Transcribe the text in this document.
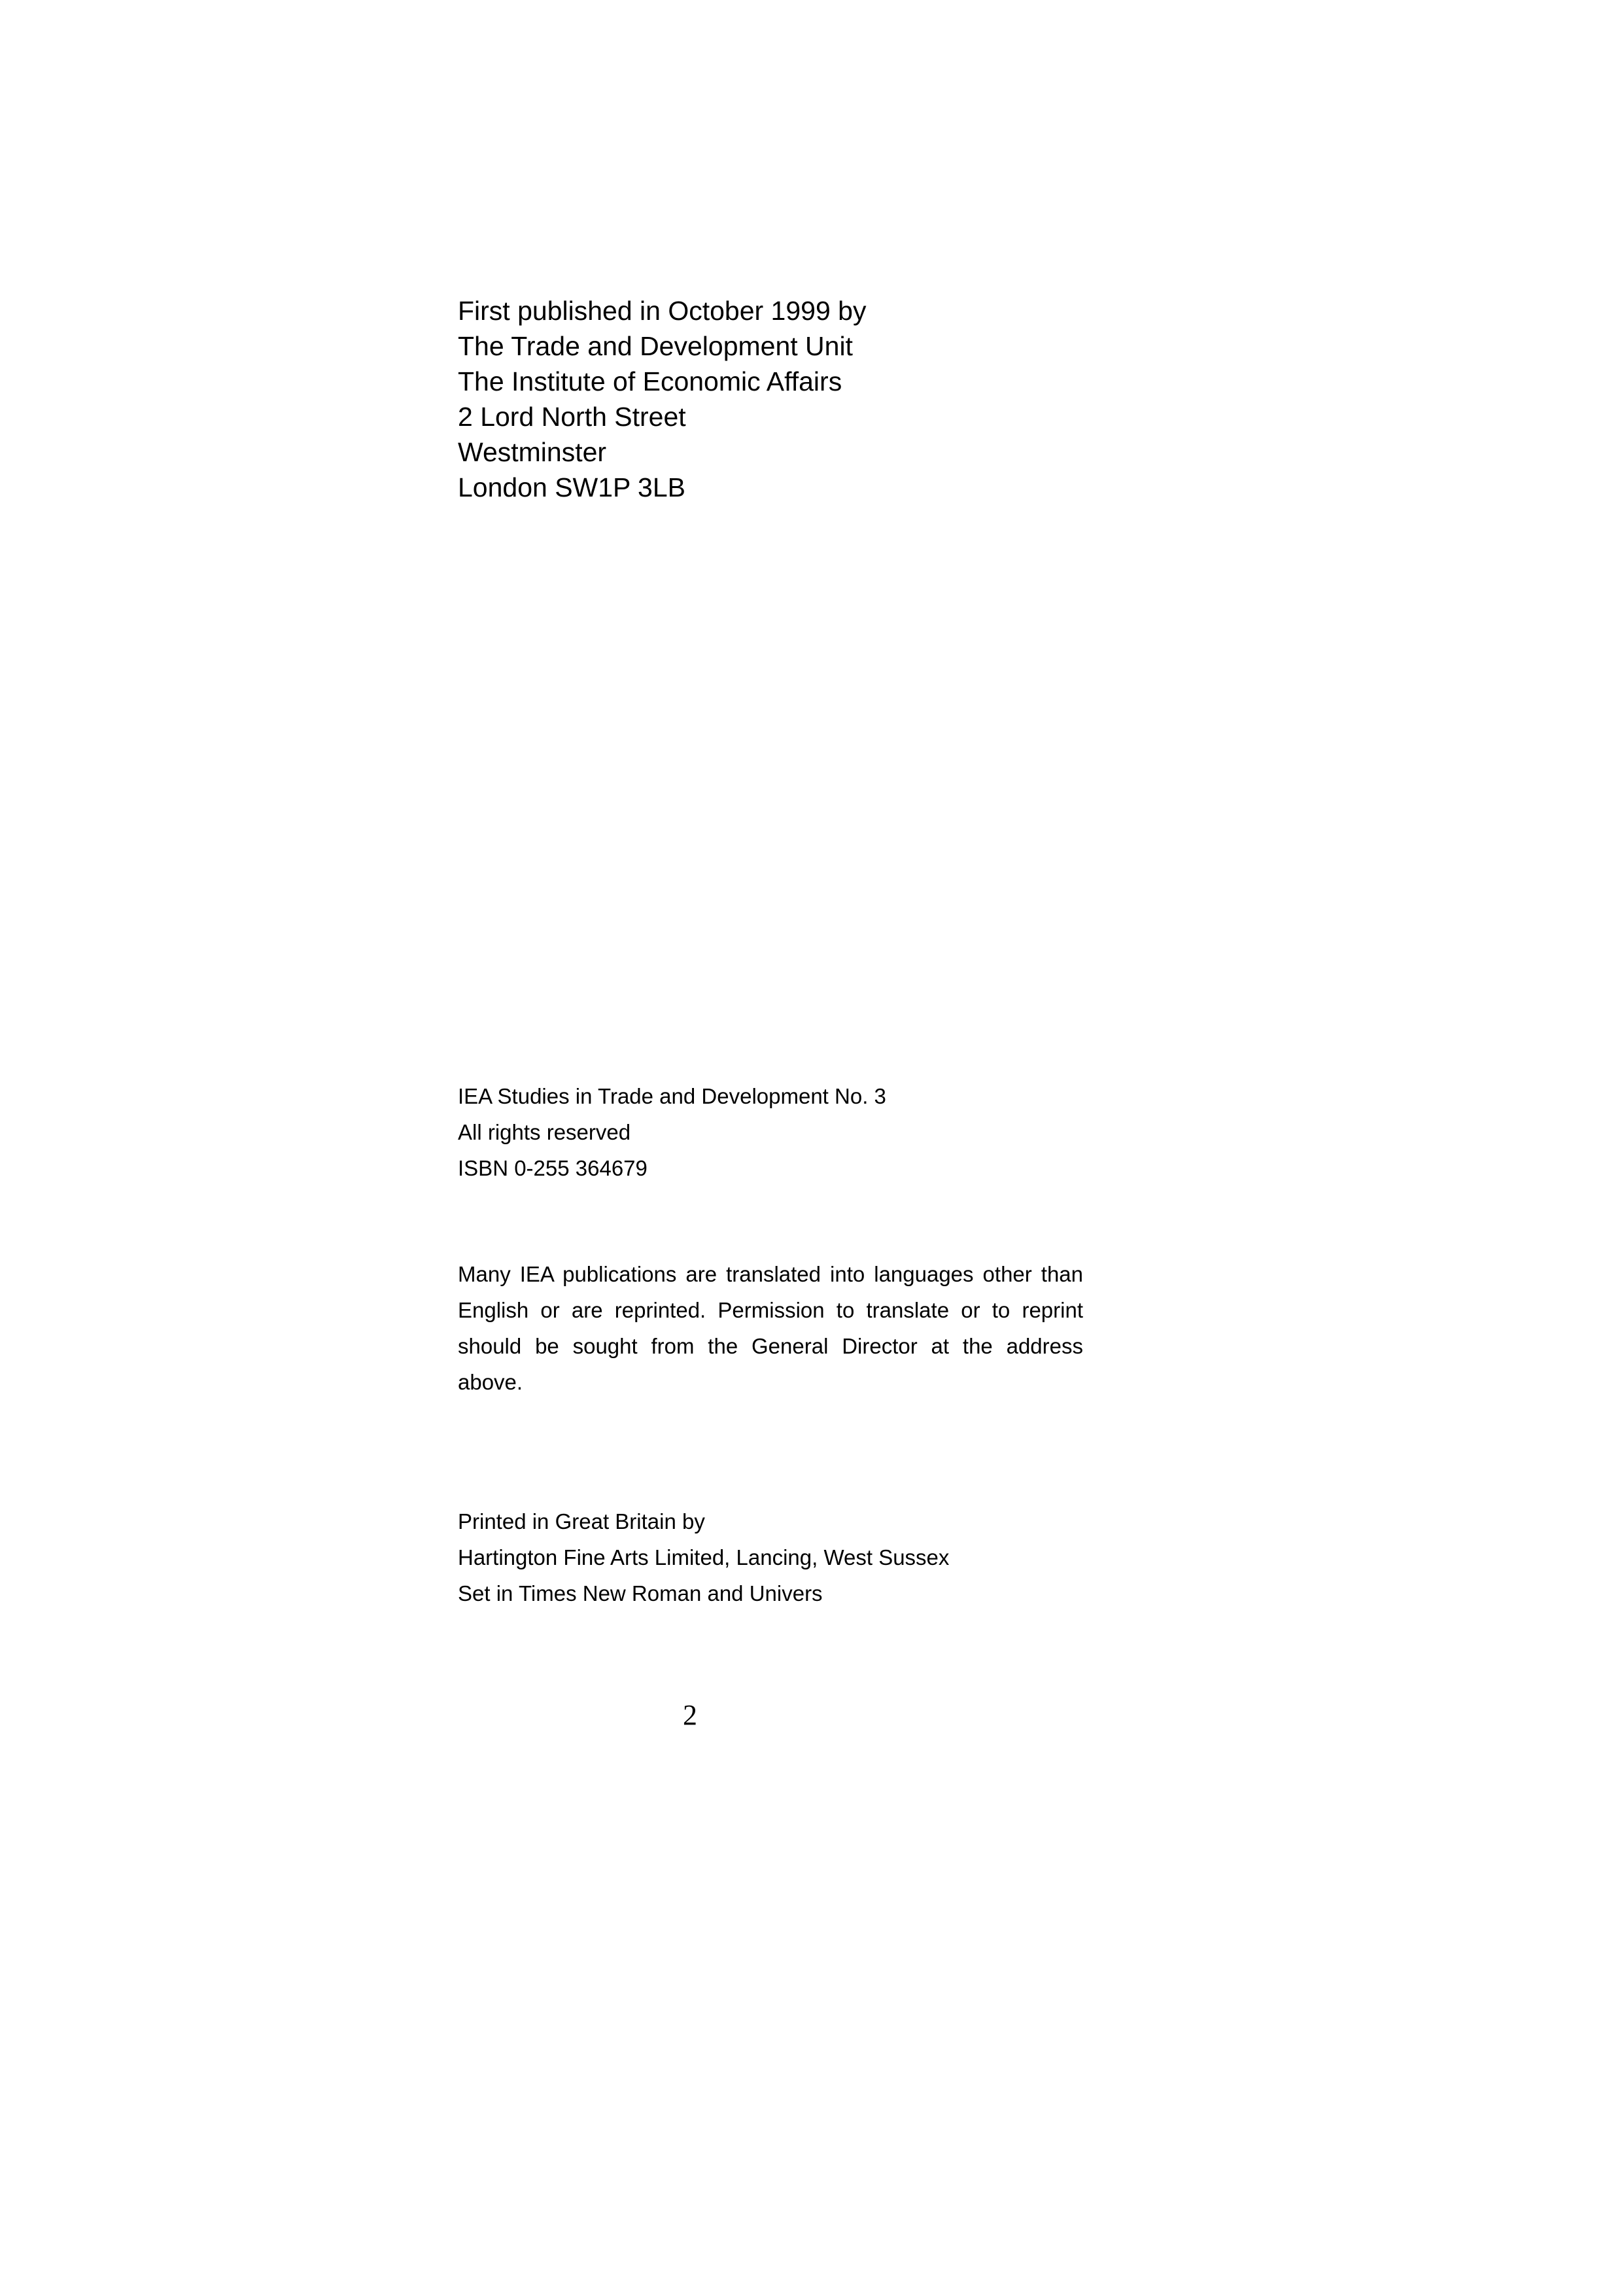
First published in October 1999 by
The Trade and Development Unit
The Institute of Economic Affairs
2 Lord North Street
Westminster
London SW1P 3LB
IEA Studies in Trade and Development No. 3
All rights reserved
ISBN 0-255 364679

Many IEA publications are translated into languages other than English or are reprinted. Permission to translate or to reprint should be sought from the General Director at the address above.

Printed in Great Britain by
Hartington Fine Arts Limited, Lancing, West Sussex
Set in Times New Roman and Univers
2
